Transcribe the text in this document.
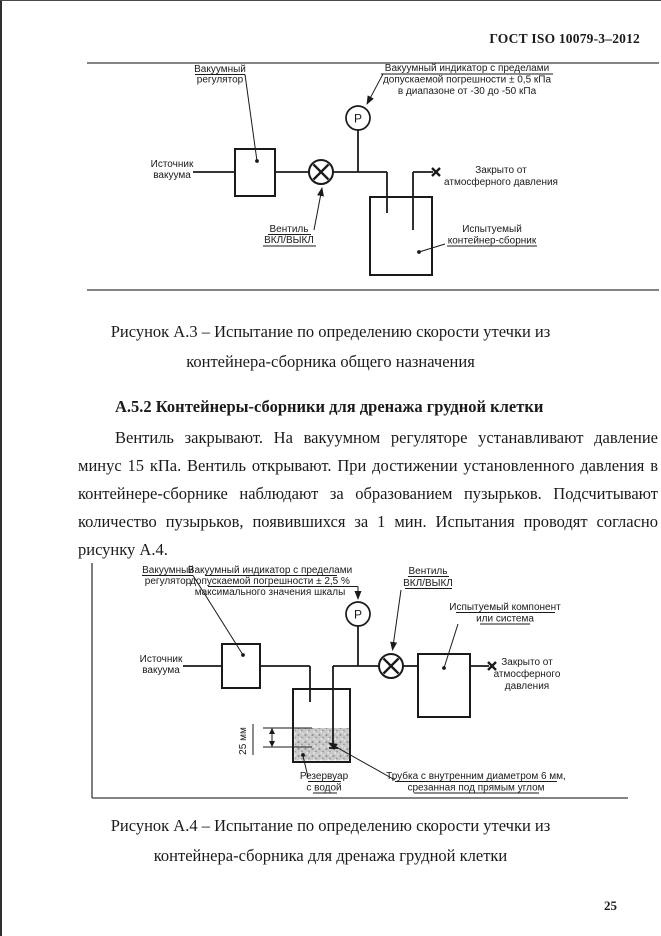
ГОСТ ISO 10079-3–2012
P
Вакуумный
регулятор
Вакуумный индикатор с пределами
допускаемой погрешности ± 0,5 кПа
в диапазоне от -30 до -50 кПа
Источник
вакуума
Вентиль
ВКЛ/ВЫКЛ
Закрыто от
атмосферного давления
Испытуемый
контейнер-сборник
Рисунок А.3 – Испытание по определению скорости утечки из
контейнера-сборника общего назначения
А.5.2 Контейнеры-сборники для дренажа грудной клетки

Вентиль закрывают. На вакуумном регуляторе устанавливают давление минус 15 кПа. Вентиль открывают. При достижении установленного давления в контейнере-сборнике наблюдают за образованием пузырьков. Подсчитывают количество пузырьков, появившихся за 1 мин. Испытания проводят согласно рисунку А.4.

P
25 мм
Вакуумный
регулятор
Вакуумный индикатор с пределами
допускаемой погрешности ± 2,5 %
максимального значения шкалы
Источник
вакуума
Вентиль
ВКЛ/ВЫКЛ
Испытуемый компонент
или система
Закрыто от
атмосферного
давления
Резервуар
с водой
Трубка с внутренним диаметром 6 мм,
срезанная под прямым углом
Рисунок А.4 – Испытание по определению скорости утечки из
контейнера-сборника для дренажа грудной клетки
25
